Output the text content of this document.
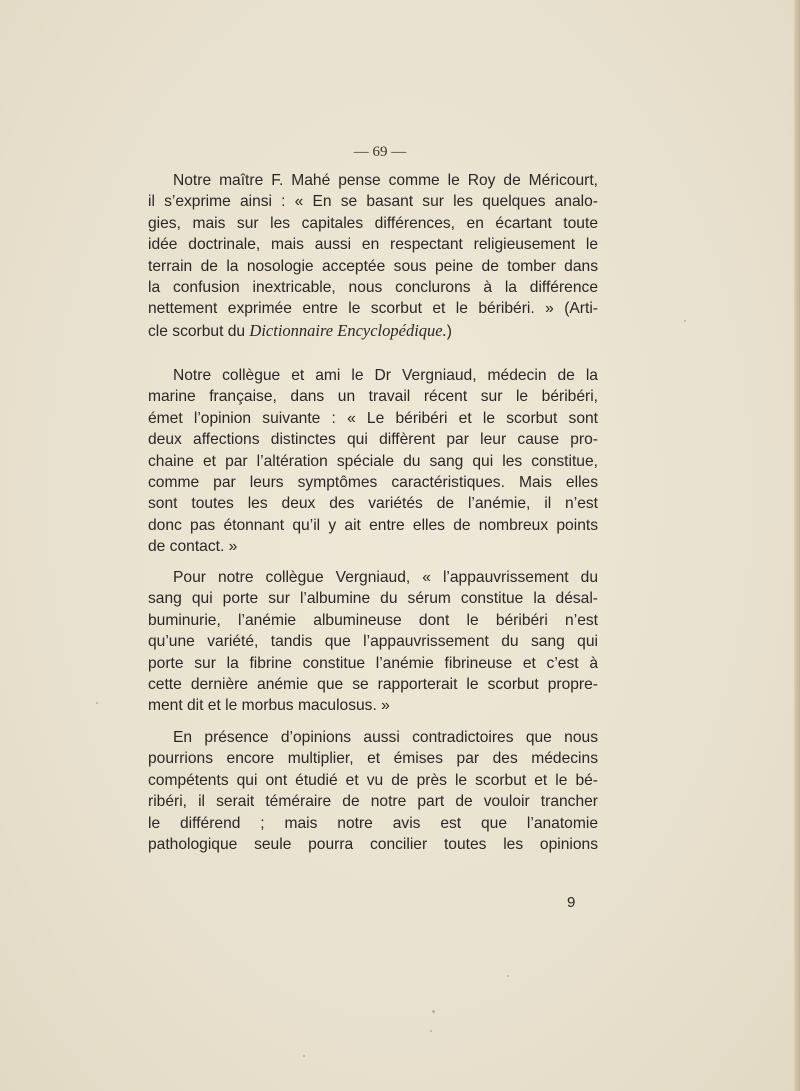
— 69 —
Notre maître F. Mahé pense comme le Roy de Méricourt,
il s’exprime ainsi : « En se basant sur les quelques analo-
gies, mais sur les capitales différences, en écartant toute
idée doctrinale, mais aussi en respectant religieusement le
terrain de la nosologie acceptée sous peine de tomber dans
la confusion inextricable, nous conclurons à la différence
nettement exprimée entre le scorbut et le béribéri. » (Arti-
cle scorbut du Dictionnaire Encyclopédique.)
Notre collègue et ami le Dr Vergniaud, médecin de la
marine française, dans un travail récent sur le béribéri,
émet l’opinion suivante : « Le béribéri et le scorbut sont
deux affections distinctes qui diffèrent par leur cause pro-
chaine et par l’altération spéciale du sang qui les constitue,
comme par leurs symptômes caractéristiques. Mais elles
sont toutes les deux des variétés de l’anémie, il n’est
donc pas étonnant qu’il y ait entre elles de nombreux points
de contact. »
Pour notre collègue Vergniaud, « l’appauvrissement du
sang qui porte sur l’albumine du sérum constitue la désal-
buminurie, l’anémie albumineuse dont le béribéri n’est
qu’une variété, tandis que l’appauvrissement du sang qui
porte sur la fibrine constitue l’anémie fibrineuse et c’est à
cette dernière anémie que se rapporterait le scorbut propre-
ment dit et le morbus maculosus. »
En présence d’opinions aussi contradictoires que nous
pourrions encore multiplier, et émises par des médecins
compétents qui ont étudié et vu de près le scorbut et le bé-
ribéri, il serait téméraire de notre part de vouloir trancher
le différend ; mais notre avis est que l’anatomie
pathologique seule pourra concilier toutes les opinions
9
